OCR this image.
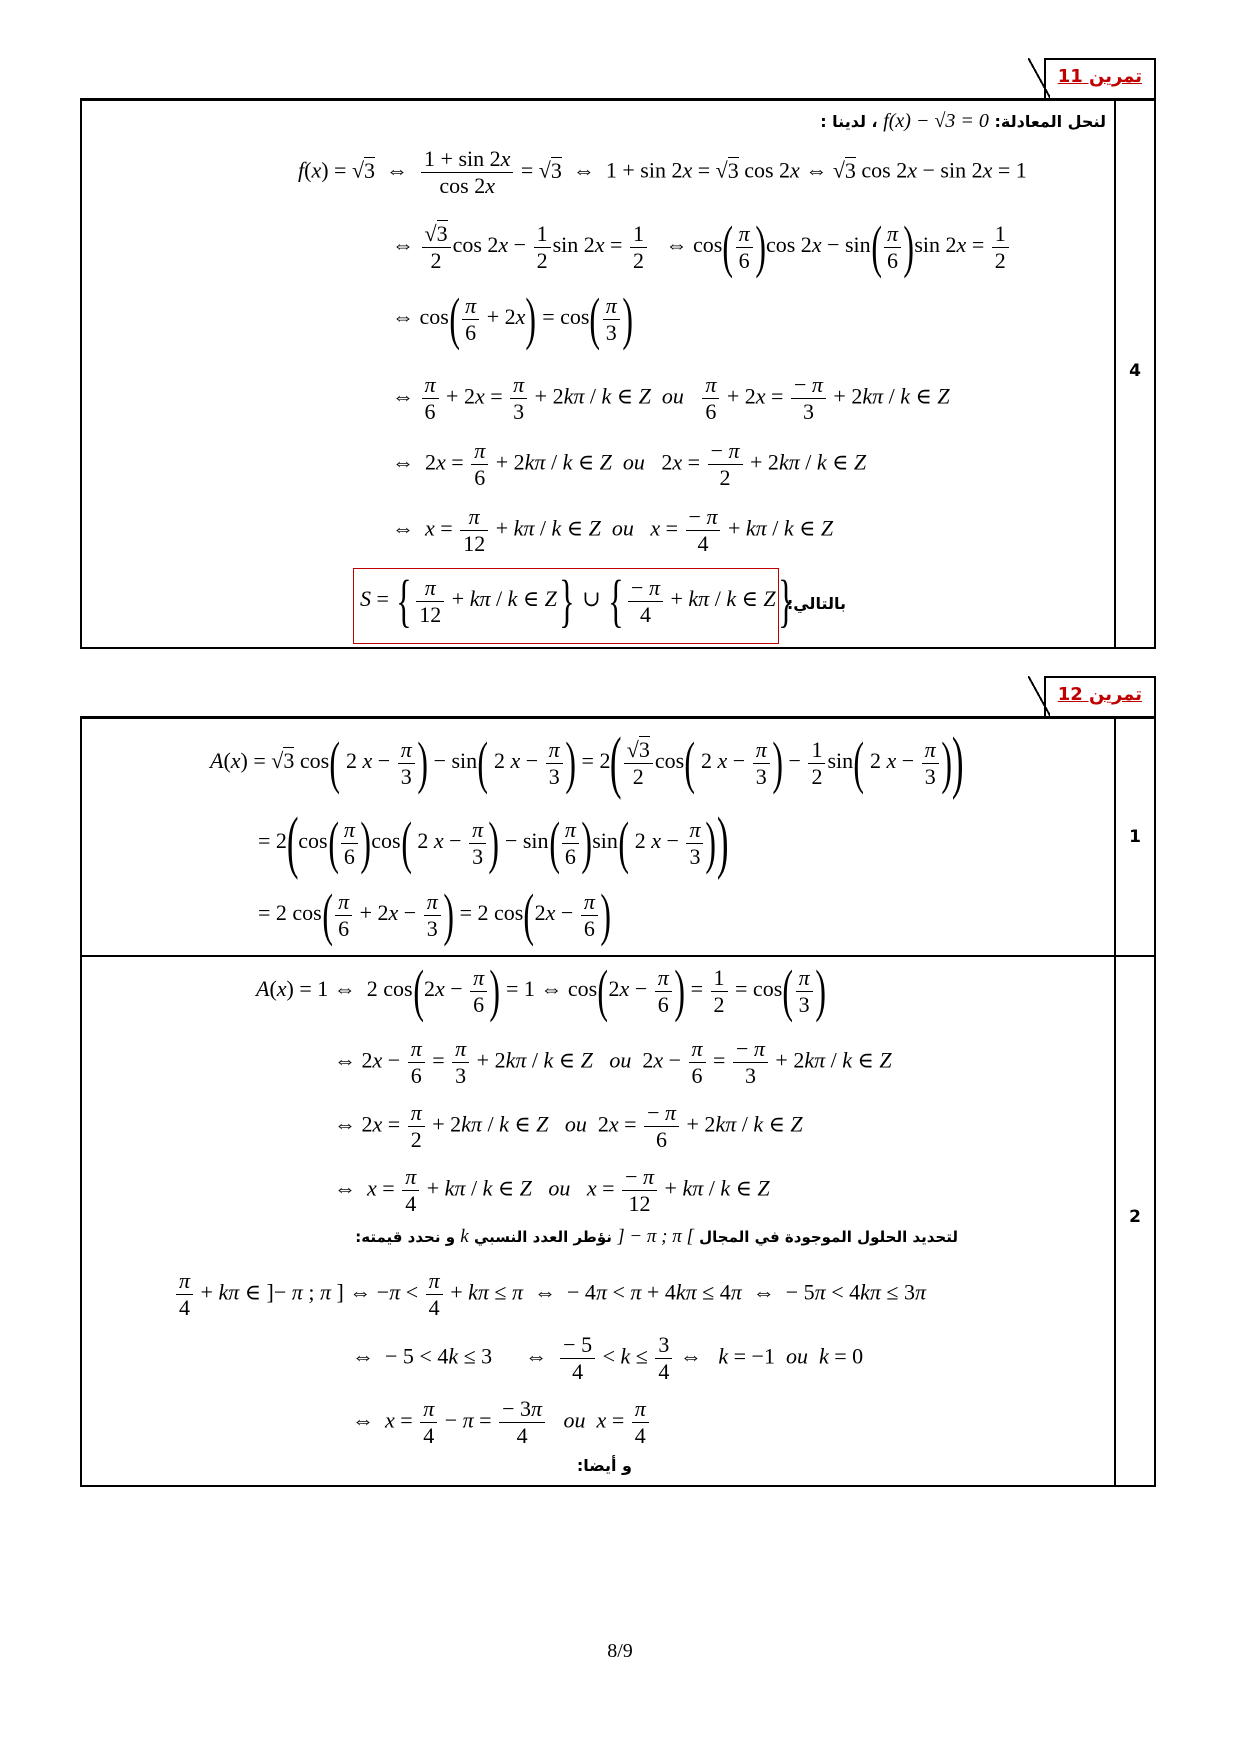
تمرين 11
4
لنحل المعادلة: f(x) − √3 = 0 ، لدينا :
f(x) = √3  ⇔ $\frac{1 + \sin 2x}{\cos 2x} = √3$  ⇔  1 + sin 2x = √3 cos 2x ⇔ √3 cos 2x − sin 2x = 1
⇔ $\frac{√3}{2}$ $\cos 2x - \frac{1}{2}$ $\sin 2x = \frac{1}{2}$ ⇔ $\cos( \frac{\pi}{6} )\cos$ $2x - \sin( \frac{\pi}{6} )\sin$ $2x = \frac{1}{2}$
⇔ $\cos( \frac{\pi}{6} + 2x) = \cos( \frac{\pi}{3}$ )
⇔ $\frac{\pi}{6} + 2x = \frac{\pi}{3} + 2k\pi / k$ ∈ Z ou $\frac{\pi}{6} + 2x = \frac{- \pi}{3} + 2k\pi / k$ ∈ Z
⇔  $2x = \frac{\pi}{6} + 2k\pi / k$ ∈ Z ou   $2x = \frac{- \pi}{2} + 2k\pi / k$ ∈ Z
⇔  $x = \frac{\pi}{12} + k\pi / k$ ∈ Z ou $x = \frac{- \pi}{4} + k\pi / k$ ∈ Z
S = { $\frac{\pi}{12} + k\pi / k$ ∈ Z} ∪ { $\frac{- \pi}{4} + k\pi / k$ ∈ Z}
بالتالي:
تمرين 12
1
2
A(x) = √3 cos( 2 $x - \frac{\pi}{3}$ ) − sin( 2 $x - \frac{\pi}{3}$ ) = $2( \frac{√3}{2} \cos$( 2 $x - \frac{\pi}{3}$ ) − $\frac{1}{2} \sin$( 2 $x - \frac{\pi}{3}$ ))
= $2(\cos( \frac{\pi}{6} )\cos$( 2 $x - \frac{\pi}{3}$ ) − $\sin( \frac{\pi}{6} )\sin$( 2 $x - \frac{\pi}{3}$ ))
= 2 $\cos( \frac{\pi}{6} + 2x - \frac{\pi}{3}$ ) = 2 $\cos(2x - \frac{\pi}{6}$ )
A(x) = 1 ⇔  2 $\cos(2x - \frac{\pi}{6}$ ) = 1 ⇔ $\cos(2x - \frac{\pi}{6}$ ) = $\frac{1}{2} = \cos( \frac{\pi}{3}$ )
⇔ $2x - \frac{\pi}{6} = \frac{\pi}{3} + 2k\pi / k$ ∈ Z ou  $2x - \frac{\pi}{6} = \frac{- \pi}{3} + 2k\pi / k$ ∈ Z
⇔ $2x = \frac{\pi}{2} + 2k\pi / k$ ∈ Z ou  $2x = \frac{- \pi}{6} + 2k\pi / k$ ∈ Z
⇔  $x = \frac{\pi}{4} + k\pi / k$ ∈ Z ou $x = \frac{- \pi}{12} + k\pi / k$ ∈ Z
لتحديد الحلول الموجودة في المجال ] − π ; π [ نؤطر العدد النسبي k و نحدد قيمته:
$\frac{\pi}{4} + k\pi$ ∈ ]− π ; π ] ⇔ $-\pi < \frac{\pi}{4} + k\pi \le \pi$  ⇔  − 4π < π + 4kπ ≤ 4π  ⇔  − 5π < 4kπ ≤ 3π
⇔  − 5 < 4k ≤ 3      ⇔ $\frac{- 5}{4} < k \le \frac{3}{4}$ ⇔   k = −1  ou k = 0
⇔  $x = \frac{\pi}{4} - \pi = \frac{- 3\pi}{4}$ ou $x = \frac{\pi}{4}$
و أيضا:
8/9
